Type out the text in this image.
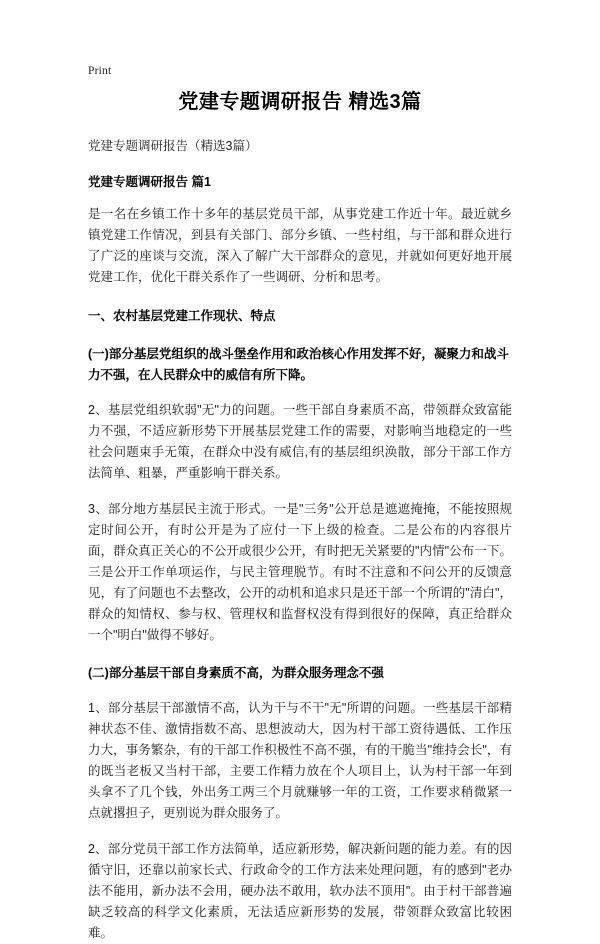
Print
党建专题调研报告 精选3篇
党建专题调研报告（精选3篇）
党建专题调研报告 篇1

是一名在乡镇工作十多年的基层党员干部，从事党建工作近十年。最近就乡镇党建工作情况，到县有关部门、部分乡镇、一些村组，与干部和群众进行了广泛的座谈与交流，深入了解广大干部群众的意见，并就如何更好地开展党建工作，优化干群关系作了一些调研、分析和思考。

一、农村基层党建工作现状、特点
(一)部分基层党组织的战斗堡垒作用和政治核心作用发挥不好，凝聚力和战斗力不强，在人民群众中的威信有所下降。

2、基层党组织软弱"无"力的问题。一些干部自身素质不高，带领群众致富能力不强，不适应新形势下开展基层党建工作的需要，对影响当地稳定的一些社会问题束手无策，在群众中没有威信,有的基层组织涣散，部分干部工作方法简单、粗暴，严重影响干群关系。

3、部分地方基层民主流于形式。一是"三务"公开总是遮遮掩掩，不能按照规定时间公开，有时公开是为了应付一下上级的检查。二是公布的内容很片面，群众真正关心的不公开或很少公开，有时把无关紧要的"内情"公布一下。三是公开工作单项运作，与民主管理脱节。有时不注意和不问公开的反馈意见，有了问题也不去整改，公开的动机和追求只是还干部一个所谓的"清白"，群众的知情权、参与权、管理权和监督权没有得到很好的保障，真正给群众一个"明白"做得不够好。

(二)部分基层干部自身素质不高，为群众服务理念不强

1、部分基层干部激情不高，认为干与不干"无"所谓的问题。一些基层干部精神状态不佳、激情指数不高、思想波动大，因为村干部工资待遇低、工作压力大，事务繁杂，有的干部工作积极性不高不强，有的干脆当"维持会长"，有的既当老板又当村干部，主要工作精力放在个人项目上，认为村干部一年到头拿不了几个钱，外出务工两三个月就赚够一年的工资，工作要求稍微紧一点就撂担子，更别说为群众服务了。

2、部分党员干部工作方法简单，适应新形势，解决新问题的能力差。有的因循守旧，还靠以前家长式、行政命令的工作方法来处理问题，有的感到"老办法不能用，新办法不会用，硬办法不敢用，软办法不顶用"。由于村干部普遍缺乏较高的科学文化素质，无法适应新形势的发展，带领群众致富比较困难。
